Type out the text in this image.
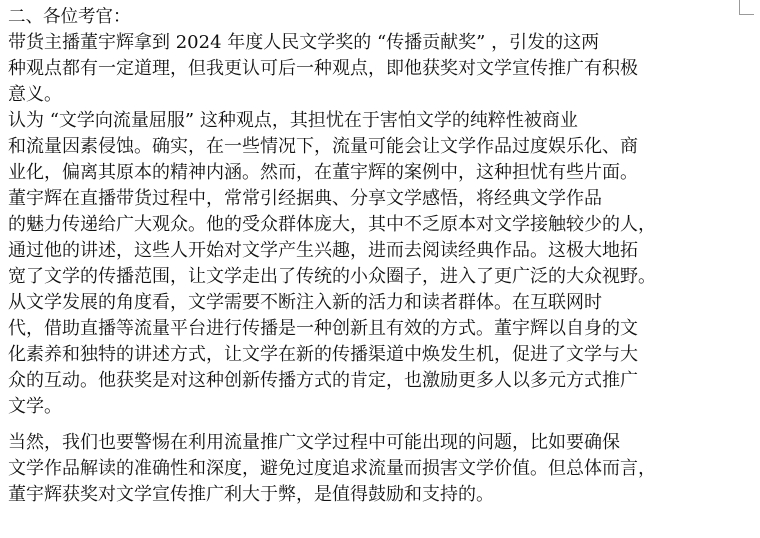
二、各位考官：
带货主播董宇辉拿到 2024 年度人民文学奖的 “传播贡献奖” ，引发的这两
种观点都有一定道理，但我更认可后一种观点，即他获奖对文学宣传推广有积极
意义。
认为 “文学向流量屈服” 这种观点，其担忧在于害怕文学的纯粹性被商业
和流量因素侵蚀。确实，在一些情况下，流量可能会让文学作品过度娱乐化、商
业化，偏离其原本的精神内涵。然而，在董宇辉的案例中，这种担忧有些片面。
董宇辉在直播带货过程中，常常引经据典、分享文学感悟，将经典文学作品
的魅力传递给广大观众。他的受众群体庞大，其中不乏原本对文学接触较少的人，
通过他的讲述，这些人开始对文学产生兴趣，进而去阅读经典作品。这极大地拓
宽了文学的传播范围，让文学走出了传统的小众圈子，进入了更广泛的大众视野。
从文学发展的角度看，文学需要不断注入新的活力和读者群体。在互联网时
代，借助直播等流量平台进行传播是一种创新且有效的方式。董宇辉以自身的文
化素养和独特的讲述方式，让文学在新的传播渠道中焕发生机，促进了文学与大
众的互动。他获奖是对这种创新传播方式的肯定，也激励更多人以多元方式推广
文学。
当然，我们也要警惕在利用流量推广文学过程中可能出现的问题，比如要确保
文学作品解读的准确性和深度，避免过度追求流量而损害文学价值。但总体而言，
董宇辉获奖对文学宣传推广利大于弊，是值得鼓励和支持的。
